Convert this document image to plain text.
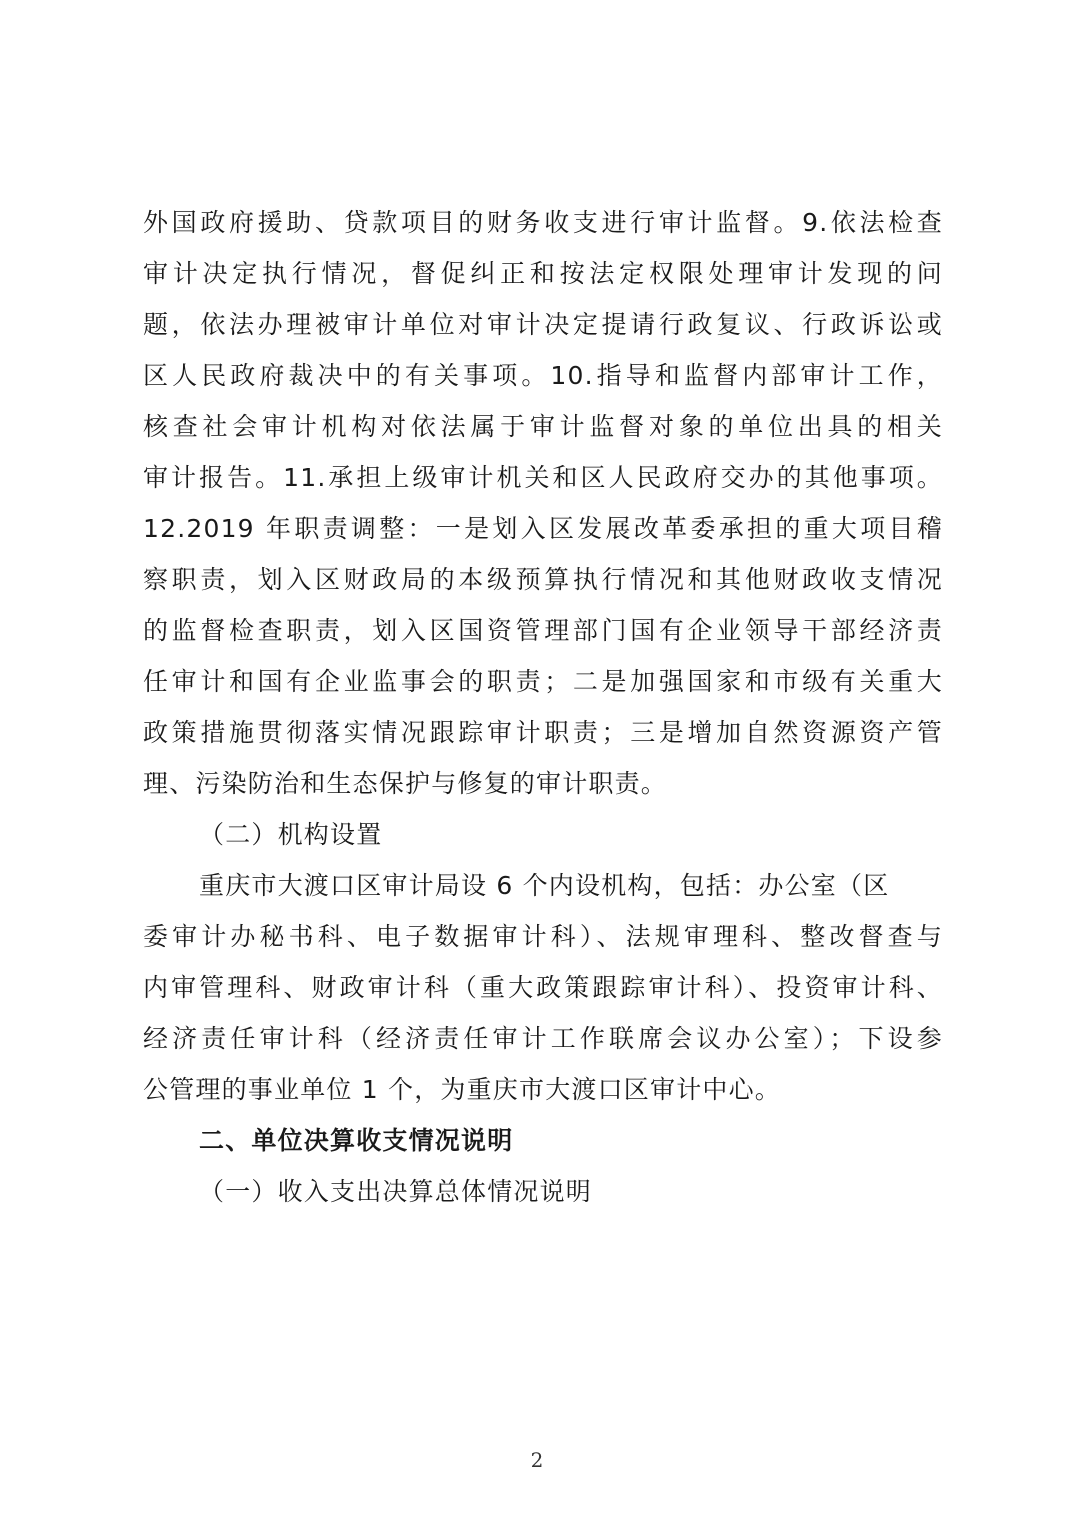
外国政府援助、贷款项目的财务收支进行审计监督。9.依法检查
审计决定执行情况，督促纠正和按法定权限处理审计发现的问
题，依法办理被审计单位对审计决定提请行政复议、行政诉讼或
区人民政府裁决中的有关事项。10.指导和监督内部审计工作，
核查社会审计机构对依法属于审计监督对象的单位出具的相关
审计报告。11.承担上级审计机关和区人民政府交办的其他事项。
12.2019 年职责调整：一是划入区发展改革委承担的重大项目稽
察职责，划入区财政局的本级预算执行情况和其他财政收支情况
的监督检查职责，划入区国资管理部门国有企业领导干部经济责
任审计和国有企业监事会的职责；二是加强国家和市级有关重大
政策措施贯彻落实情况跟踪审计职责；三是增加自然资源资产管
理、污染防治和生态保护与修复的审计职责。
（二）机构设置
重庆市大渡口区审计局设 6 个内设机构，包括：办公室（区
委审计办秘书科、电子数据审计科）、法规审理科、整改督查与
内审管理科、财政审计科（重大政策跟踪审计科）、投资审计科、
经济责任审计科（经济责任审计工作联席会议办公室）；下设参
公管理的事业单位 1 个，为重庆市大渡口区审计中心。
二、单位决算收支情况说明
（一）收入支出决算总体情况说明
2
